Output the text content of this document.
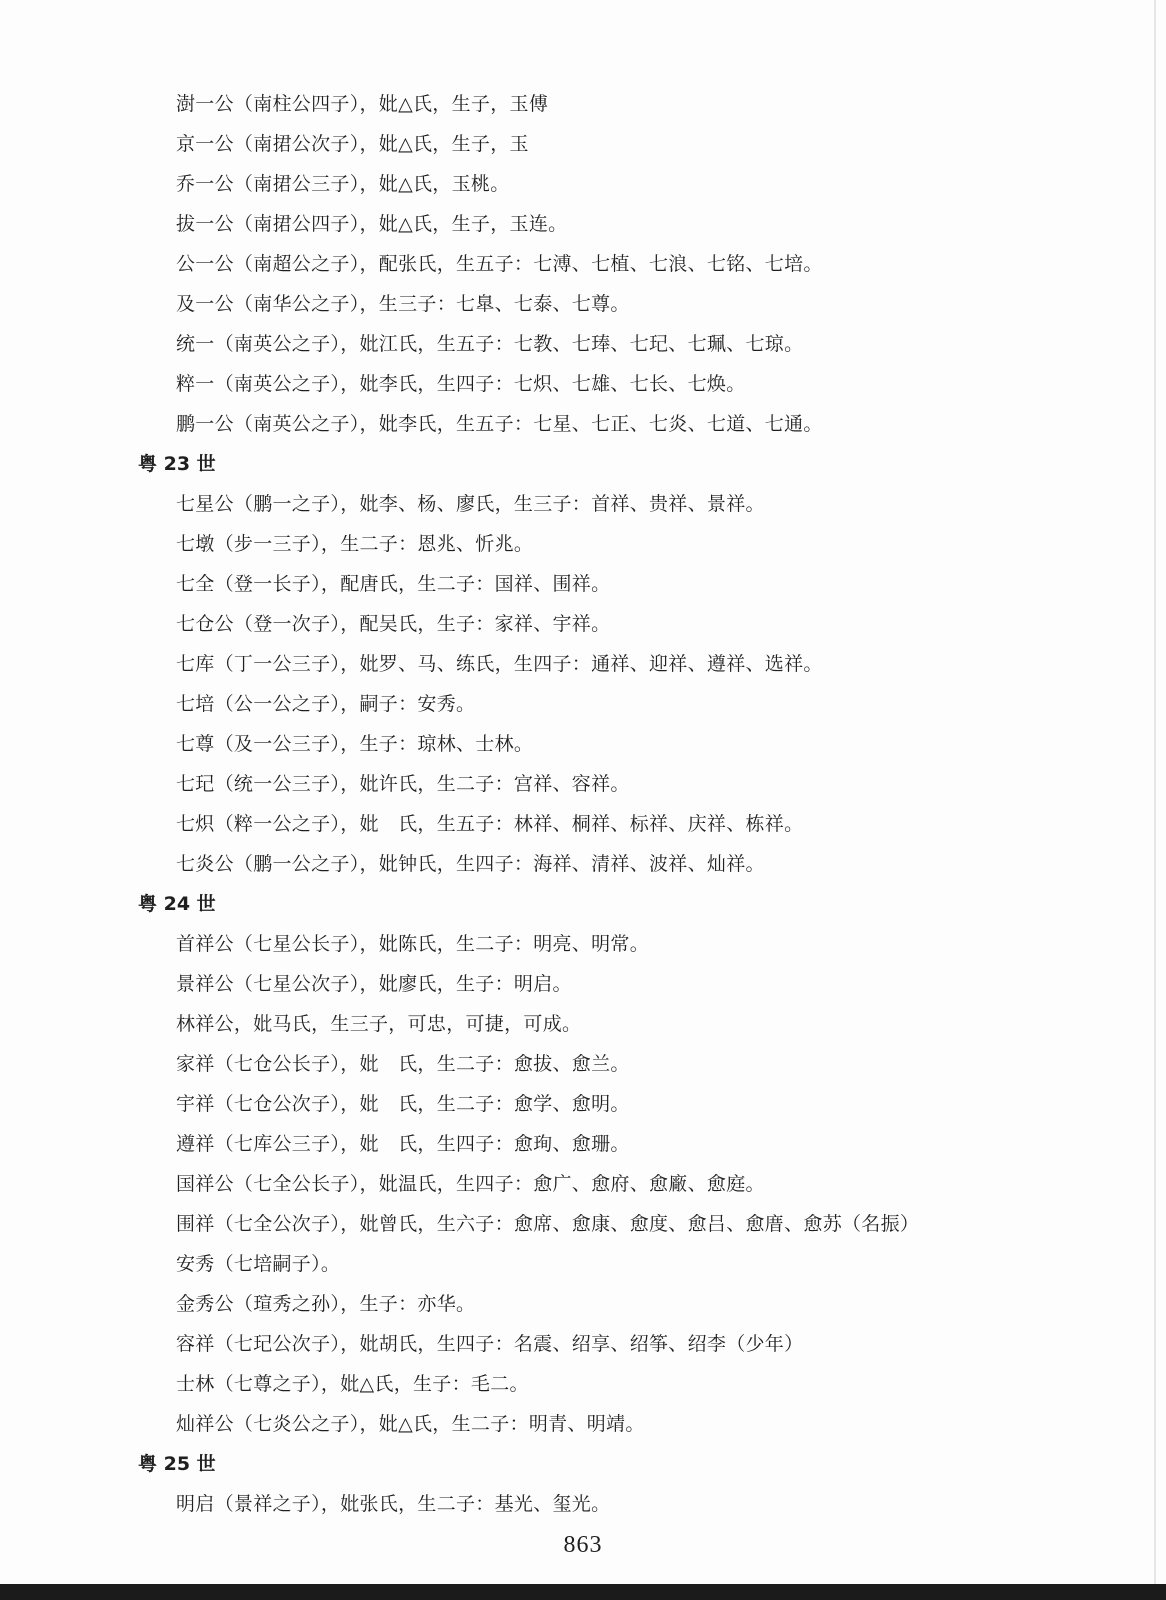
澍一公（南柱公四子），妣△氏，生子，玉傅

京一公（南捃公次子），妣△氏，生子，玉

乔一公（南捃公三子），妣△氏，玉桃。

拔一公（南捃公四子），妣△氏，生子，玉连。

公一公（南超公之子），配张氏，生五子：七溥、七植、七浪、七铭、七培。

及一公（南华公之子），生三子：七臯、七泰、七尊。

统一（南英公之子），妣江氏，生五子：七教、七琫、七玘、七珮、七琼。

粹一（南英公之子），妣李氏，生四子：七炽、七雄、七长、七焕。

鹏一公（南英公之子），妣李氏，生五子：七星、七正、七炎、七道、七通。

粤 23 世

七星公（鹏一之子），妣李、杨、廖氏，生三子：首祥、贵祥、景祥。

七墩（步一三子），生二子：恩兆、忻兆。

七全（登一长子），配唐氏，生二子：国祥、围祥。

七仓公（登一次子），配吴氏，生子：家祥、宇祥。

七库（丁一公三子），妣罗、马、练氏，生四子：通祥、迎祥、遵祥、选祥。

七培（公一公之子），嗣子：安秀。

七尊（及一公三子），生子：琼林、士林。

七玘（统一公三子），妣许氏，生二子：宫祥、容祥。

七炽（粹一公之子），妣　氏，生五子：林祥、桐祥、标祥、庆祥、栋祥。

七炎公（鹏一公之子），妣钟氏，生四子：海祥、清祥、波祥、灿祥。

粤 24 世

首祥公（七星公长子），妣陈氏，生二子：明亮、明常。

景祥公（七星公次子），妣廖氏，生子：明启。

林祥公，妣马氏，生三子，可忠，可捷，可成。

家祥（七仓公长子），妣　氏，生二子：愈拔、愈兰。

宇祥（七仓公次子），妣　氏，生二子：愈学、愈明。

遵祥（七库公三子），妣　氏，生四子：愈珣、愈珊。

国祥公（七全公长子），妣温氏，生四子：愈广、愈府、愈廠、愈庭。

围祥（七全公次子），妣曾氏，生六子：愈席、愈康、愈度、愈吕、愈庴、愈苏（名振）

安秀（七培嗣子）。

金秀公（瑄秀之孙），生子：亦华。

容祥（七玘公次子），妣胡氏，生四子：名震、绍享、绍筝、绍李（少年）

士林（七尊之子），妣△氏，生子：毛二。

灿祥公（七炎公之子），妣△氏，生二子：明青、明靖。

粤 25 世

明启（景祥之子），妣张氏，生二子：基光、玺光。

863
